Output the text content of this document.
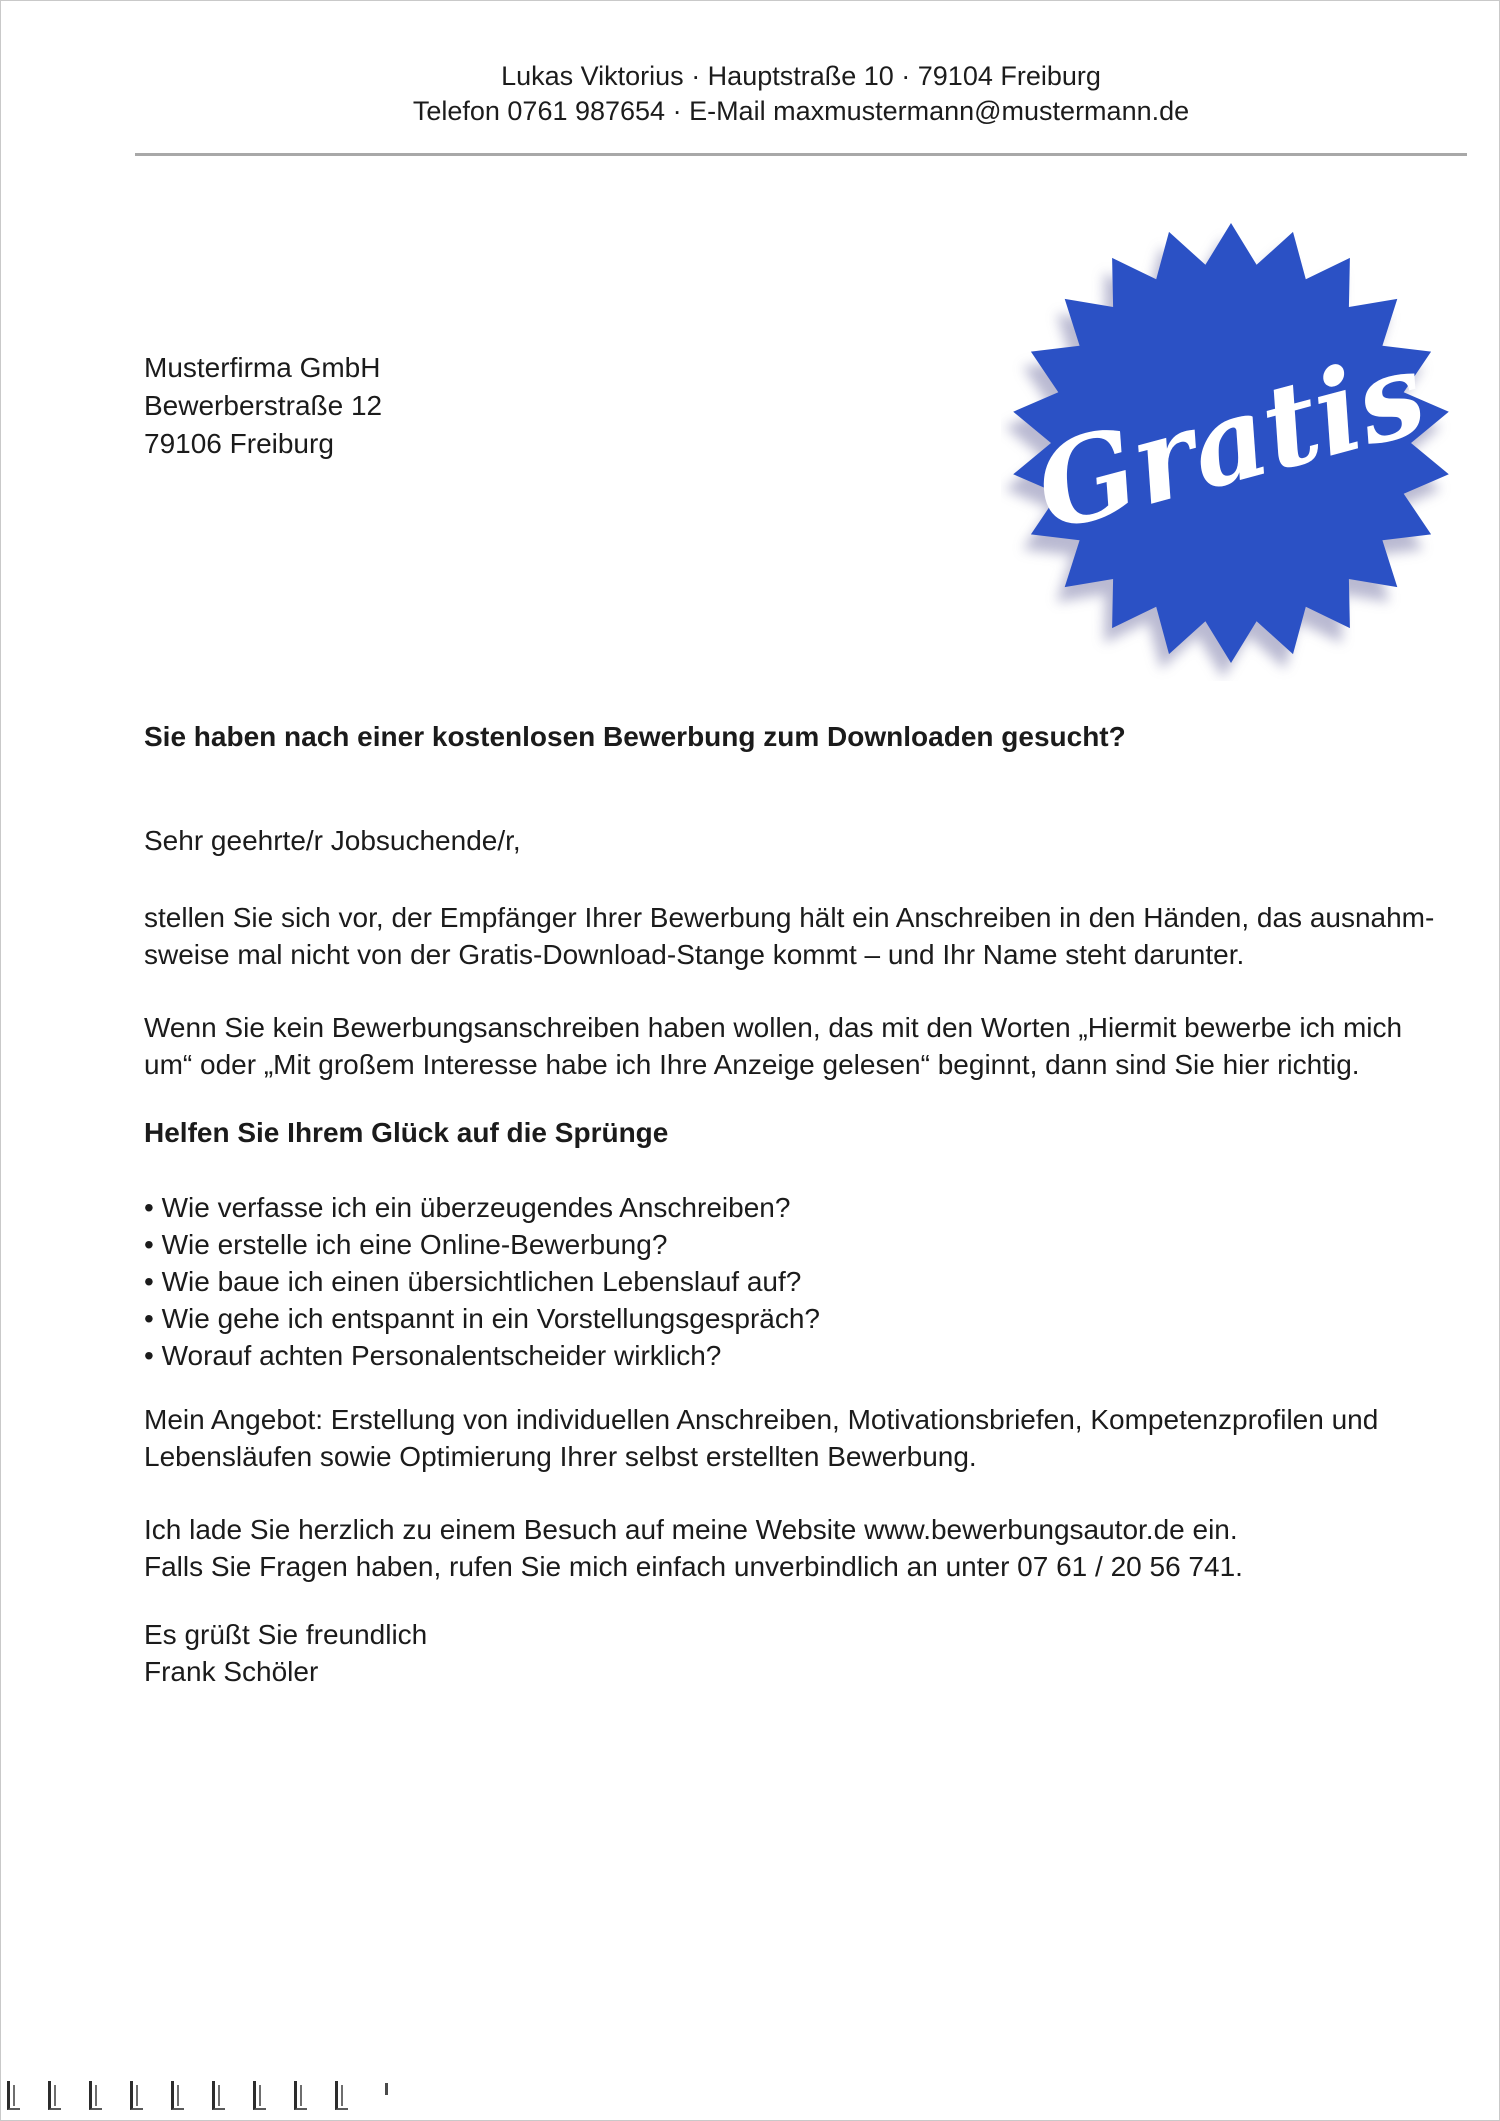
Lukas Viktorius · Hauptstraße 10 · 79104 Freiburg
Telefon 0761 987654 · E-Mail maxmustermann@mustermann.de
Musterfirma GmbH
Bewerberstraße 12
79106 Freiburg	Gratis
Sie haben nach einer kostenlosen Bewerbung zum Downloaden gesucht?
Sehr geehrte/r Jobsuchende/r,
stellen Sie sich vor, der Empfänger Ihrer Bewerbung hält ein Anschreiben in den Händen, das ausnahm-
sweise mal nicht von der Gratis-Download-Stange kommt – und Ihr Name steht darunter.
Wenn Sie kein Bewerbungsanschreiben haben wollen, das mit den Worten „Hiermit bewerbe ich mich
um“ oder „Mit großem Interesse habe ich Ihre Anzeige gelesen“ beginnt, dann sind Sie hier richtig.
Helfen Sie Ihrem Glück auf die Sprünge
• Wie verfasse ich ein überzeugendes Anschreiben?
• Wie erstelle ich eine Online-Bewerbung?
• Wie baue ich einen übersichtlichen Lebenslauf auf?
• Wie gehe ich entspannt in ein Vorstellungsgespräch?
• Worauf achten Personalentscheider wirklich?
Mein Angebot: Erstellung von individuellen Anschreiben, Motivationsbriefen, Kompetenzprofilen und
Lebensläufen sowie Optimierung Ihrer selbst erstellten Bewerbung.
Ich lade Sie herzlich zu einem Besuch auf meine Website www.bewerbungsautor.de ein.
Falls Sie Fragen haben, rufen Sie mich einfach unverbindlich an unter 07 61 / 20 56 741.
Es grüßt Sie freundlich
Frank Schöler
